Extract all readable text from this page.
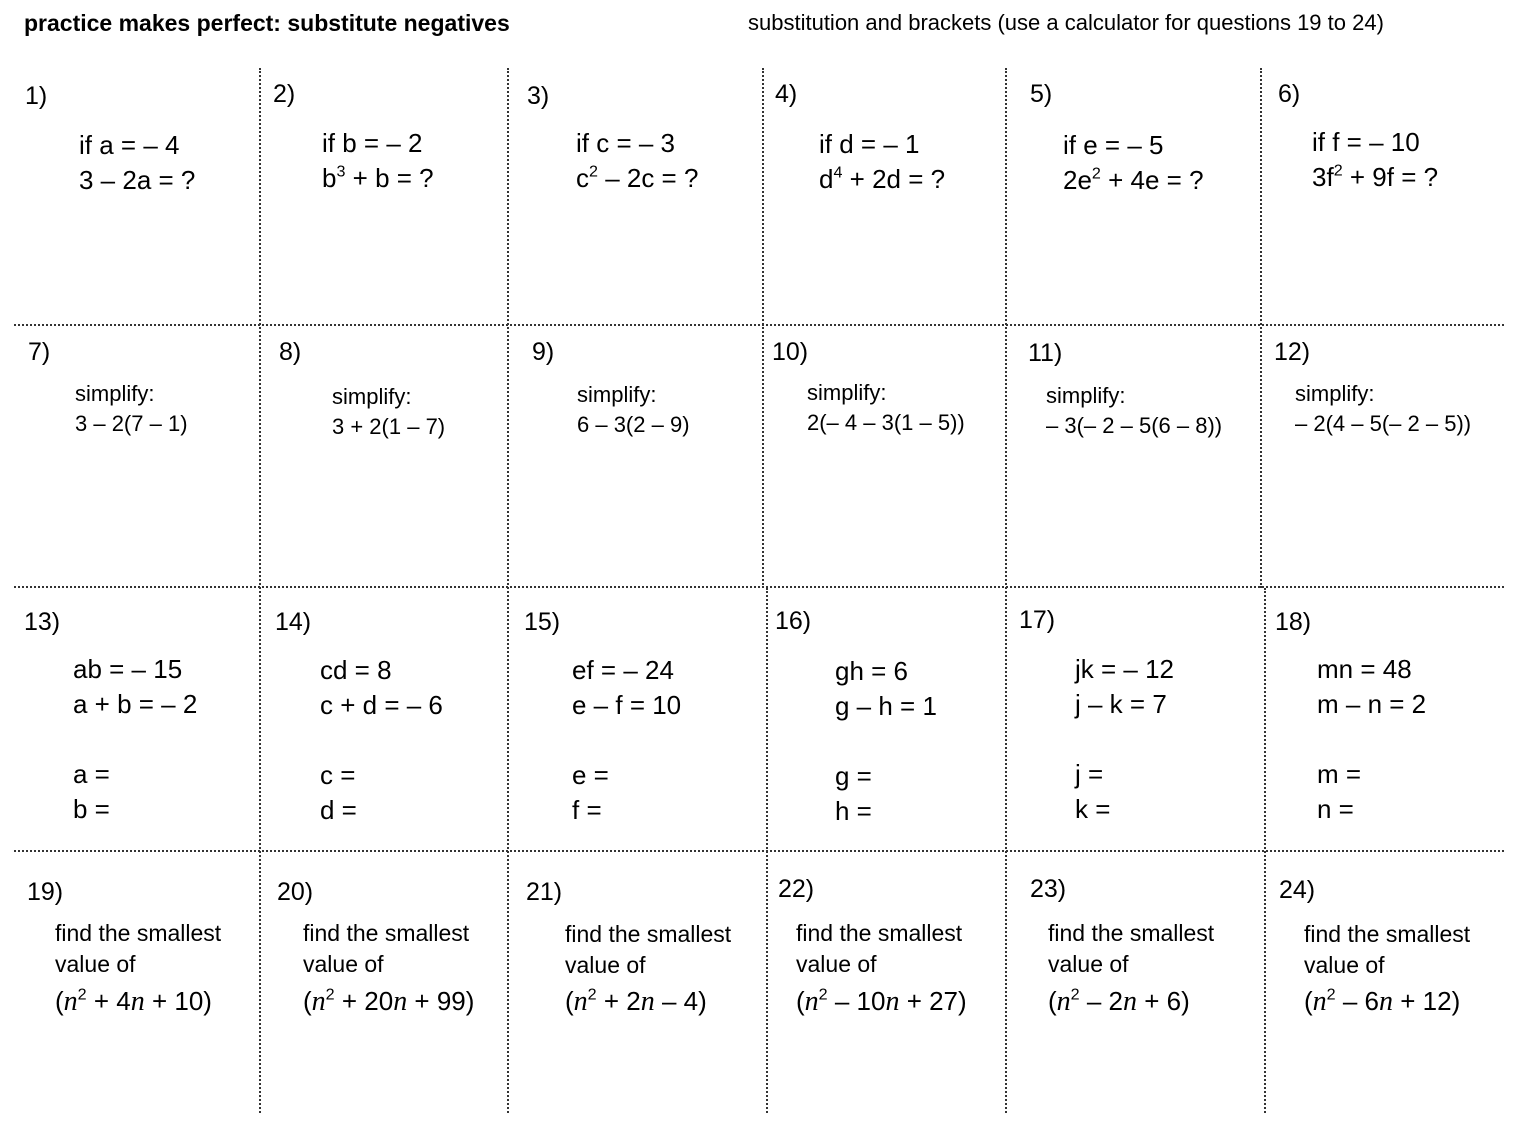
practice makes perfect: substitute negatives	substitution and brackets (use a calculator for questions 19 to 24)
1)
if a = – 4
3 – 2a = ?
2)
if b = – 2
$b^3 + b$ = ?
3)
if c = – 3
$c^2 - 2c$ = ?
4)
if d = – 1
$d^4 + 2d$ = ?
5)
if e = – 5
$2e^2 + 4e$ = ?
6)
if f = – 10
$3f^2 + 9f$ = ?
7)
simplify:
3 – 2(7 – 1)
8)
simplify:
3 + 2(1 – 7)
9)
simplify:
6 – 3(2 – 9)
10)
simplify:
2(– 4 – 3(1 – 5))
11)
simplify:
– 3(– 2 – 5(6 – 8))
12)
simplify:
– 2(4 – 5(– 2 – 5))
13)
ab = – 15
a + b = – 2
a =
b =
14)
cd = 8
c + d = – 6
c =
d =
15)
ef = – 24
e – f = 10
e =
f =
16)
gh = 6
g – h = 1
g =
h =
17)
jk = – 12
j – k = 7
j =
k =
18)
mn = 48
m – n = 2
m =
n =
19)
find the smallest
value of
$(n^2 + 4n + 10)$
20)
find the smallest
value of
$(n^2 + 20n + 99)$
21)
find the smallest
value of
$(n^2 + 2n - 4)$
22)
find the smallest
value of
$(n^2 - 10n + 27)$
23)
find the smallest
value of
$(n^2 - 2n + 6)$
24)
find the smallest
value of
$(n^2 - 6n + 12)$
